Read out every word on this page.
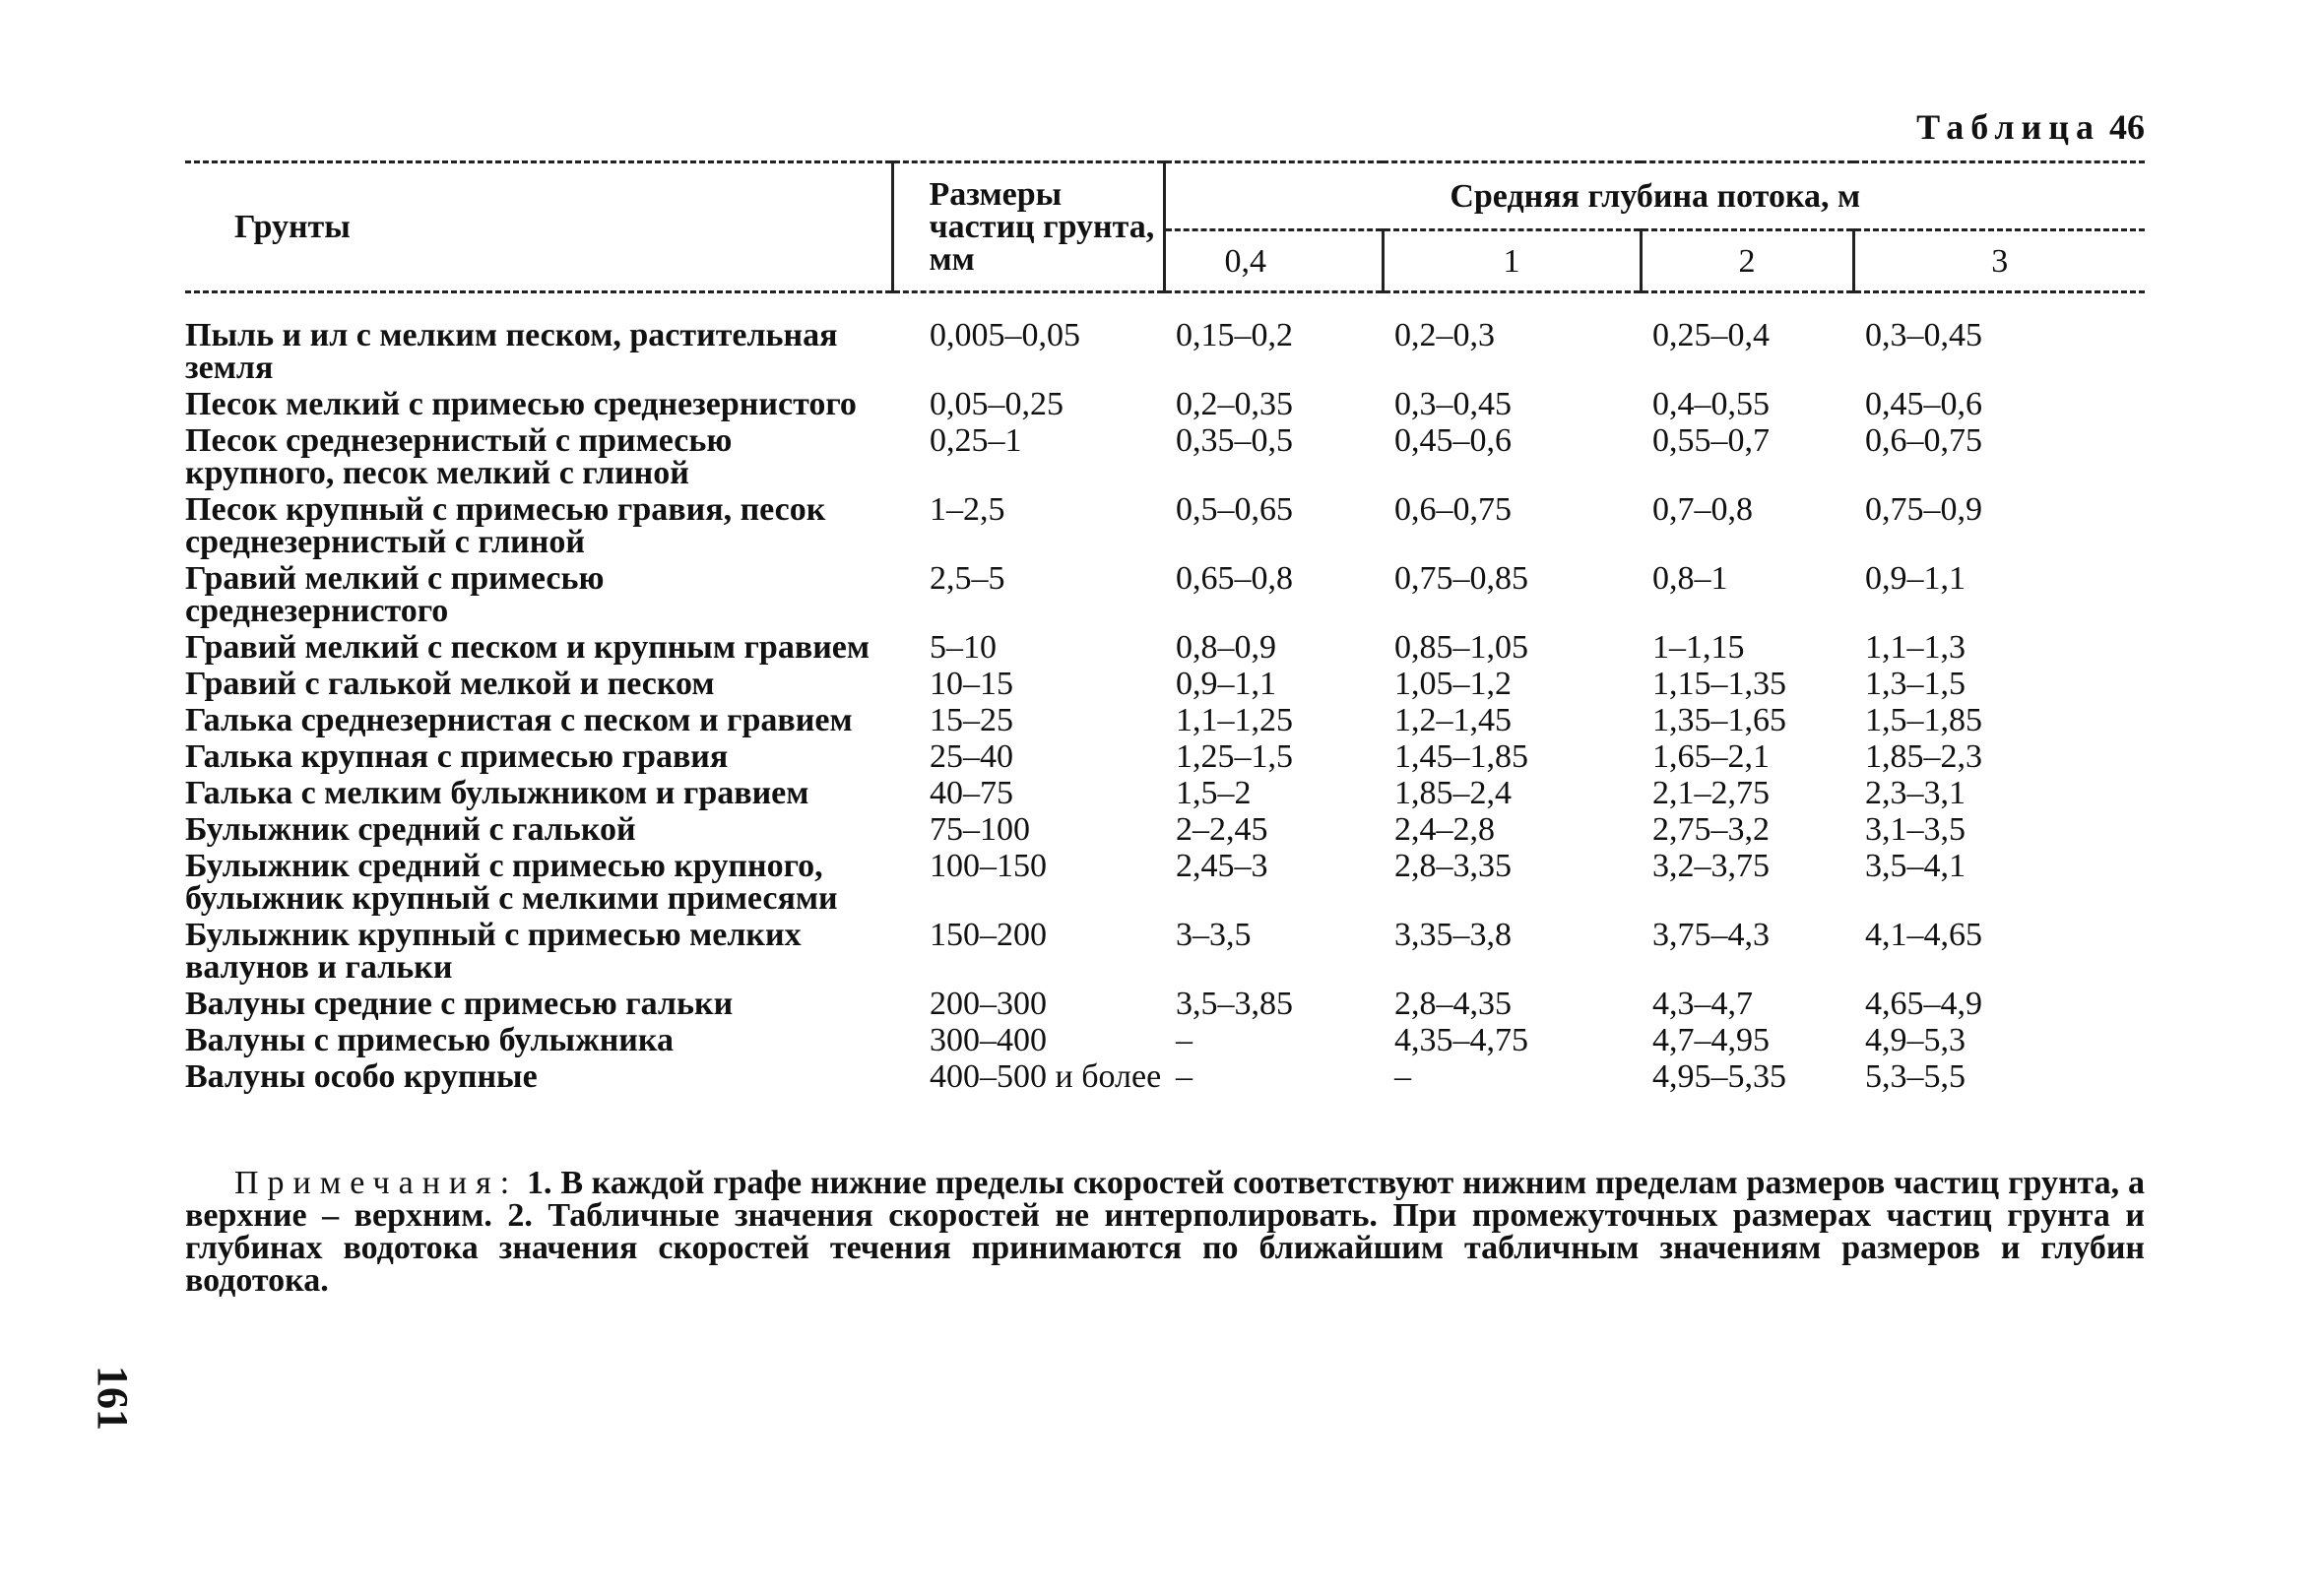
Таблица 46
Грунты	Размеры частиц грунта, мм	Средняя глубина потока, м			
		0,4	1	2	3

Пыль и ил с мелким песком, растительная земля	0,005–0,05	0,15–0,2	0,2–0,3	0,25–0,4	0,3–0,45
Песок мелкий с примесью среднезернистого	0,05–0,25	0,2–0,35	0,3–0,45	0,4–0,55	0,45–0,6
Песок среднезернистый с примесью крупного, песок мелкий с глиной	0,25–1	0,35–0,5	0,45–0,6	0,55–0,7	0,6–0,75
Песок крупный с примесью гравия, песок среднезернистый с глиной	1–2,5	0,5–0,65	0,6–0,75	0,7–0,8	0,75–0,9
Гравий мелкий с примесью среднезернистого	2,5–5	0,65–0,8	0,75–0,85	0,8–1	0,9–1,1
Гравий мелкий с песком и крупным гравием	5–10	0,8–0,9	0,85–1,05	1–1,15	1,1–1,3
Гравий с галькой мелкой и песком	10–15	0,9–1,1	1,05–1,2	1,15–1,35	1,3–1,5
Галька среднезернистая с песком и гравием	15–25	1,1–1,25	1,2–1,45	1,35–1,65	1,5–1,85
Галька крупная с примесью гравия	25–40	1,25–1,5	1,45–1,85	1,65–2,1	1,85–2,3
Галька с мелким булыжником и гравием	40–75	1,5–2	1,85–2,4	2,1–2,75	2,3–3,1
Булыжник средний с галькой	75–100	2–2,45	2,4–2,8	2,75–3,2	3,1–3,5
Булыжник средний с примесью крупного, булыжник крупный с мелкими примесями	100–150	2,45–3	2,8–3,35	3,2–3,75	3,5–4,1
Булыжник крупный с примесью мелких валунов и гальки	150–200	3–3,5	3,35–3,8	3,75–4,3	4,1–4,65
Валуны средние с примесью гальки	200–300	3,5–3,85	2,8–4,35	4,3–4,7	4,65–4,9
Валуны с примесью булыжника	300–400	–	4,35–4,75	4,7–4,95	4,9–5,3
Валуны особо крупные	400–500 и более	–	–	4,95–5,35	5,3–5,5
Примечания: 1. В каждой графе нижние пределы скоростей соответствуют нижним пределам размеров частиц грунта, а верхние – верхним. 2. Табличные значения скоростей не интерполировать. При промежуточных размерах частиц грунта и глубинах водотока значения скоростей течения принимаются по ближайшим табличным значениям размеров и глубин водотока.
161
